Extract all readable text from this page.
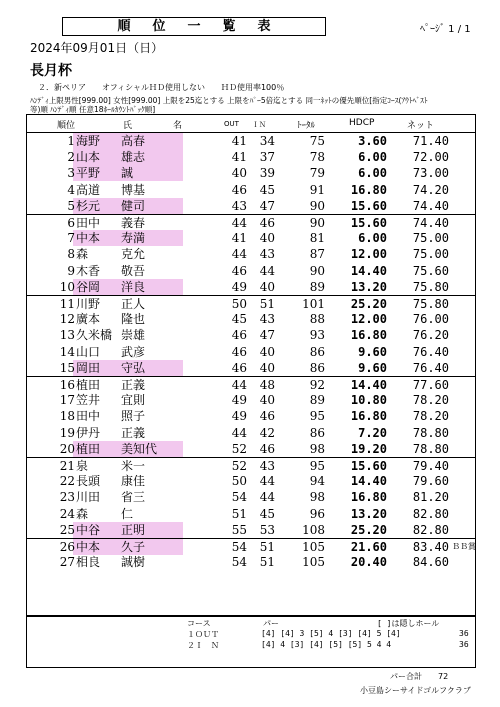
順位一覧表	ﾍﾟｰｼﾞ 1 / 1
2024年09月01日（日）
長月杯
２．新ペリア　　オフィシャルＨＤ使用しない　　ＨＤ使用率100％
ﾊﾝﾃﾞｨ上限男性[999.00] 女性[999.00] 上限を25迄とする 上限をﾊﾟｰ5倍迄とする 同一ﾈｯﾄの優先順位[指定ｺｰｽ(ｱｳﾄﾍﾞｽﾄ
等)順 ﾊﾝﾃﾞｨ順 任意18ﾎｰﾙｶｳﾝﾄﾊﾞｯｸ順]
順位	氏	名	OUT ＩＮ	ﾄｰﾀﾙ	HDCP	ネット
1 海野 高春	41	34	75	3.60	71.40
2 山本 雄志	41	37	78	6.00	72.00
3 平野 誠	40	39	79	6.00	73.00
4 高道 博基	46	45	91	16.80	74.20
5 杉元 健司	43	47	90	15.60	74.40
6 田中 義春	44	46	90	15.60	74.40
7 中本 寿満	41	40	81	6.00	75.00
8 森	克允	44	43	87	12.00	75.00
9 木香 敬吾	46	44	90	14.40	75.60
10 谷岡 洋良	49	40	89	13.20	75.80
11 川野 正人	50	51	101	25.20	75.80
12 廣本 隆也	45	43	88	12.00	76.00
13 久米橋 崇雄	46	47	93	16.80	76.20
14 山口 武彦	46	40	86	9.60	76.40
15 岡田 守弘	46	40	86	9.60	76.40
16 植田 正義	44	48	92	14.40	77.60
17 笠井 宜則	49	40	89	10.80	78.20
18 田中 照子	49	46	95	16.80	78.20
19 伊丹 正義	44	42	86	7.20	78.80
20 植田 美知代	52	46	98	19.20	78.80
21 泉	米一	52	43	95	15.60	79.40
22 長頭 康佳	50	44	94	14.40	79.60
23 川田 省三	54	44	98	16.80	81.20
24 森	仁	51	45	96	13.20	82.80
25 中谷 正明	55	53	108	25.20	82.80
26 中本 久子	54	51	105	21.60	83.40 ＢＢ賞
27 相良 誠樹	54	51	105	20.40	84.60
コース	パー	[ ]は隠しホール
１ＯＵＴ	[4] [4] 3 [5] 4 [3] [4] 5 [4]	36
２Ｉ　Ｎ	[4] 4 [3] [4] [5] [5] 5 4 4	36
パー合計　　72
小豆島シーサイドゴルフクラブ
